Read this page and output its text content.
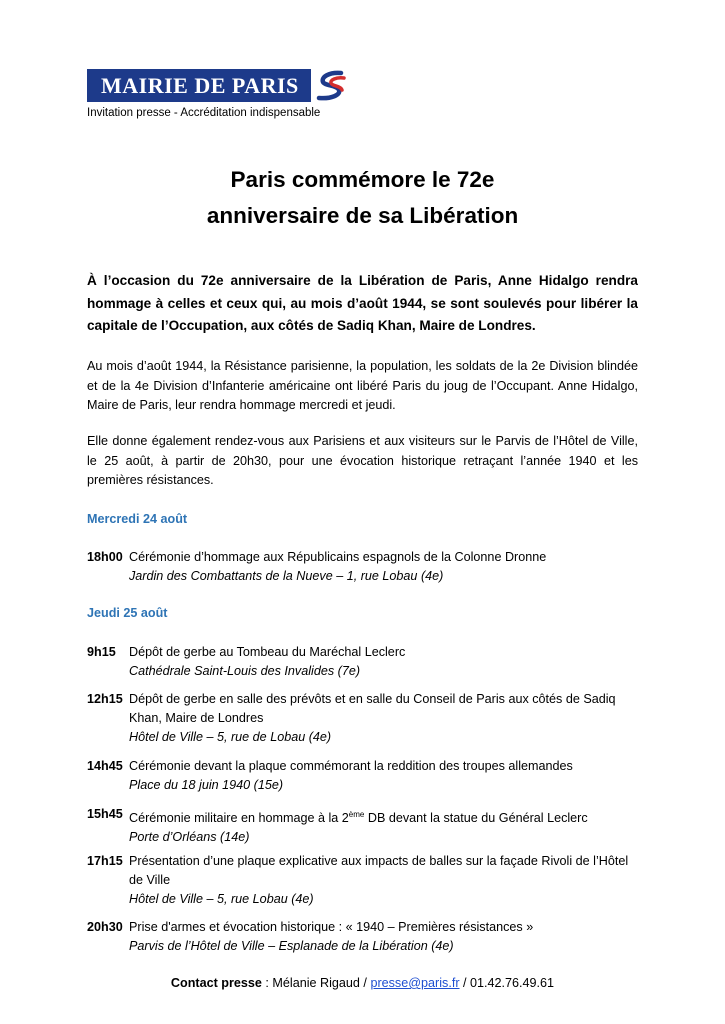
MAIRIE DE PARIS
Invitation presse - Accréditation indispensable
Paris commémore le 72e
anniversaire de sa Libération
À l’occasion du 72e anniversaire de la Libération de Paris, Anne Hidalgo rendra hommage à celles et ceux qui, au mois d’août 1944, se sont soulevés pour libérer la capitale de l’Occupation, aux côtés de Sadiq Khan, Maire de Londres.
Au mois d’août 1944, la Résistance parisienne, la population, les soldats de la 2e Division blindée et de la 4e Division d’Infanterie américaine ont libéré Paris du joug de l’Occupant. Anne Hidalgo, Maire de Paris, leur rendra hommage mercredi et jeudi.
Elle donne également rendez-vous aux Parisiens et aux visiteurs sur le Parvis de l’Hôtel de Ville, le 25 août, à partir de 20h30, pour une évocation historique retraçant l’année 1940 et les premières résistances.
Mercredi 24 août
18h00 Cérémonie d’hommage aux Républicains espagnols de la Colonne Dronne
Jardin des Combattants de la Nueve – 1, rue Lobau (4e)
Jeudi 25 août
9h15 Dépôt de gerbe au Tombeau du Maréchal Leclerc
Cathédrale Saint-Louis des Invalides (7e)
12h15 Dépôt de gerbe en salle des prévôts et en salle du Conseil de Paris aux côtés de Sadiq Khan, Maire de Londres
Hôtel de Ville – 5, rue de Lobau (4e)
14h45 Cérémonie devant la plaque commémorant la reddition des troupes allemandes
Place du 18 juin 1940 (15e)
15h45 Cérémonie militaire en hommage à la 2ème DB devant la statue du Général Leclerc
Porte d’Orléans (14e)
17h15 Présentation d’une plaque explicative aux impacts de balles sur la façade Rivoli de l’Hôtel de Ville
Hôtel de Ville – 5, rue Lobau (4e)
20h30 Prise d'armes et évocation historique : « 1940 – Premières résistances »
Parvis de l’Hôtel de Ville – Esplanade de la Libération (4e)
Contact presse : Mélanie Rigaud / presse@paris.fr / 01.42.76.49.61
